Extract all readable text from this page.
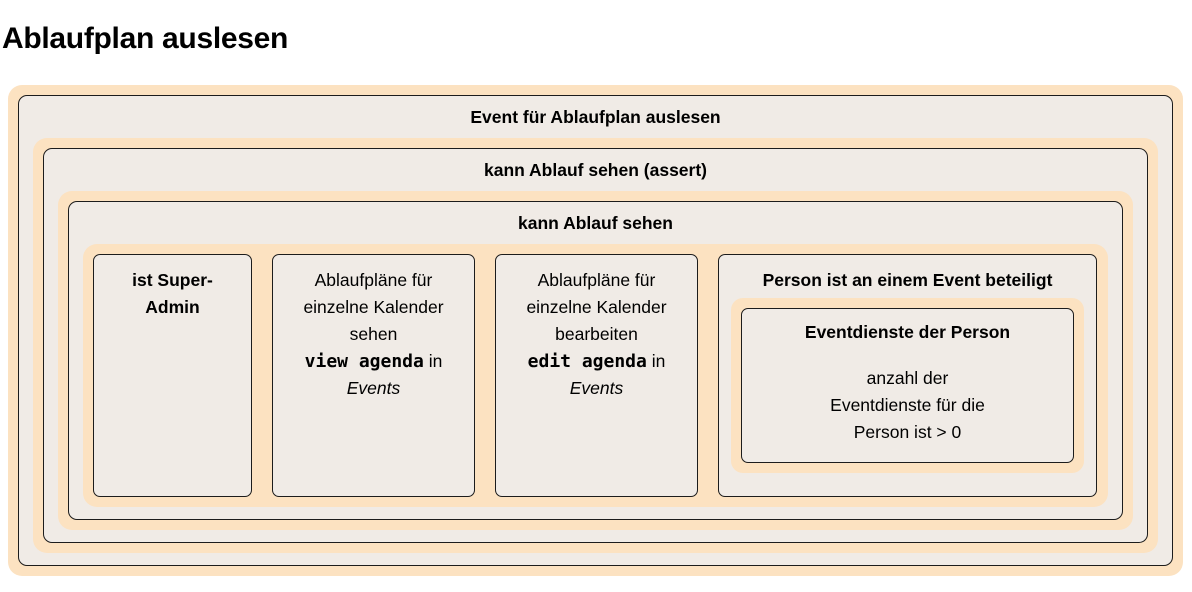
Ablaufplan auslesen
Event für Ablaufplan auslesen
kann Ablauf sehen (assert)
kann Ablauf sehen
ist Super-Admin
Ablaufpläne für einzelne Kalender sehen
view agenda in
Events
Ablaufpläne für einzelne Kalender bearbeiten
edit agenda in
Events
Person ist an einem Event beteiligt
Eventdienste der Person
anzahl der Eventdienste für die Person ist > 0
